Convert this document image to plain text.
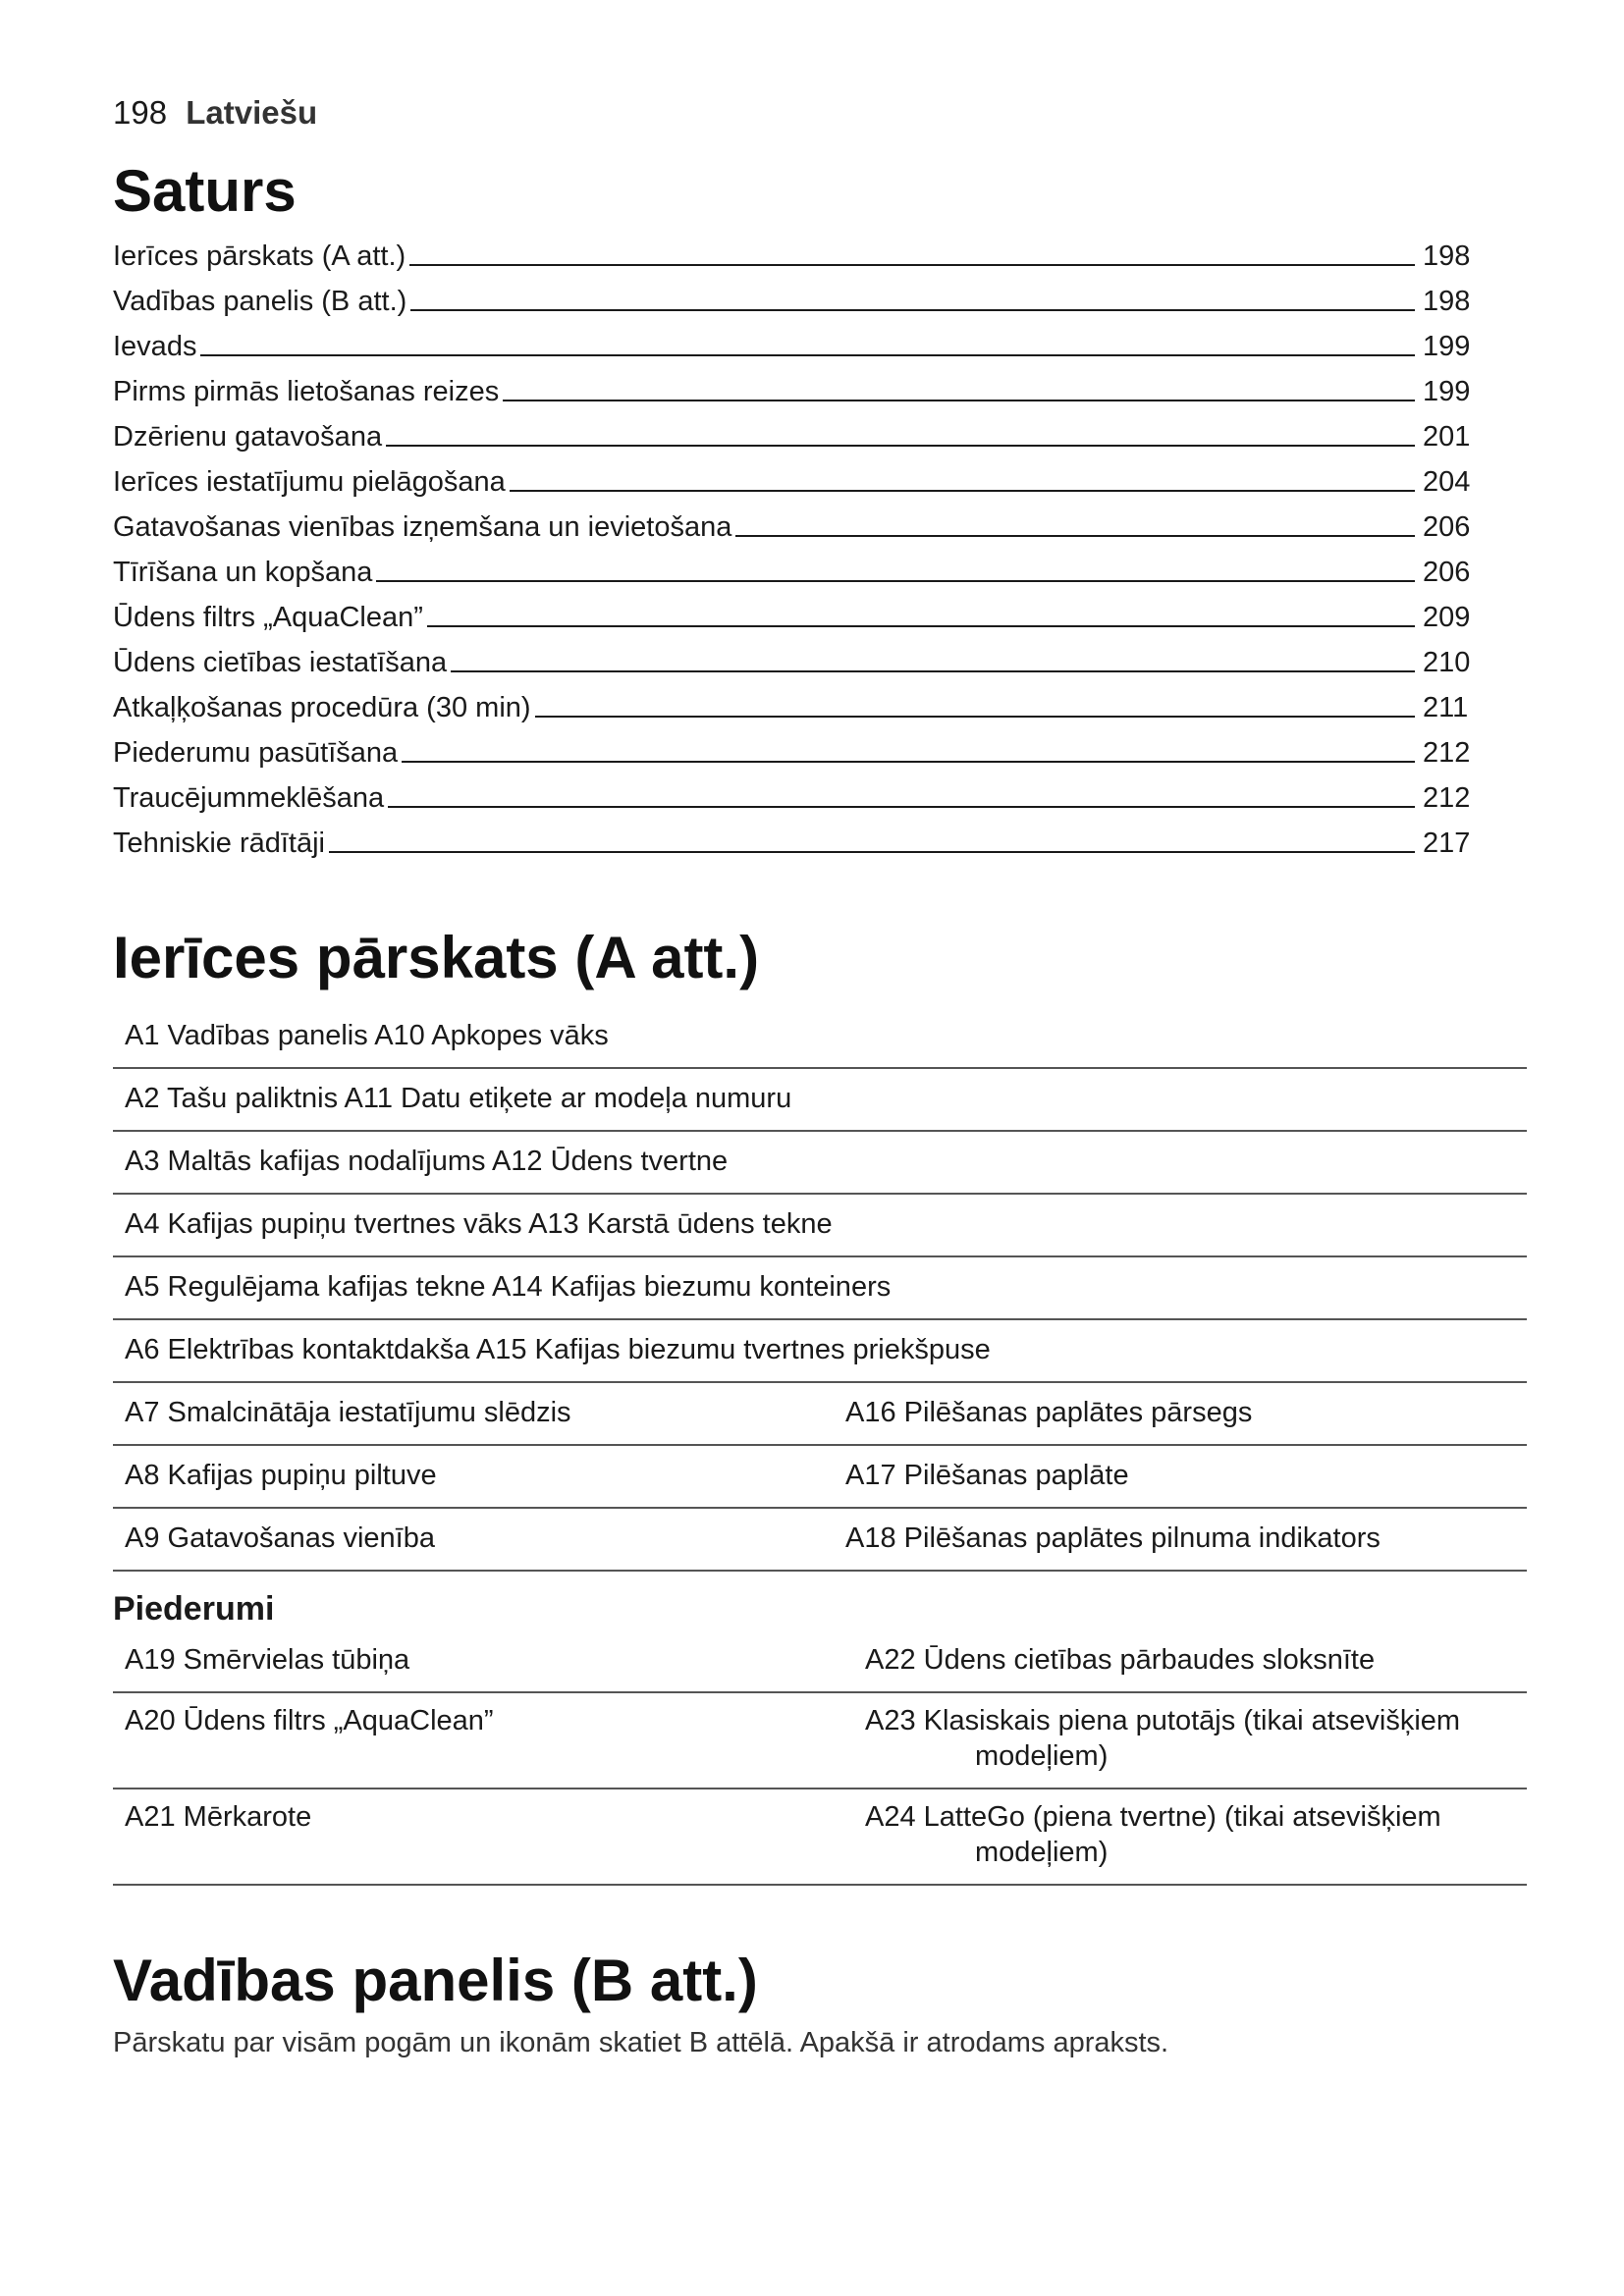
198 Latviešu
Saturs
Ierīces pārskats (A att.)	198
Vadības panelis (B att.)	198
Ievads	199
Pirms pirmās lietošanas reizes	199
Dzērienu gatavošana	201
Ierīces iestatījumu pielāgošana	204
Gatavošanas vienības izņemšana un ievietošana	206
Tīrīšana un kopšana	206
Ūdens filtrs „AquaClean”	209
Ūdens cietības iestatīšana	210
Atkaļķošanas procedūra (30 min)	211
Piederumu pasūtīšana	212
Traucējummeklēšana	212
Tehniskie rādītāji	217
Ierīces pārskats (A att.)
A1 Vadības panelis A10 Apkopes vāks	
A2 Tašu paliktnis A11 Datu etiķete ar modeļa numuru	
A3 Maltās kafijas nodalījums A12 Ūdens tvertne	
A4 Kafijas pupiņu tvertnes vāks A13 Karstā ūdens tekne	
A5 Regulējama kafijas tekne A14 Kafijas biezumu konteiners	
A6 Elektrības kontaktdakša A15 Kafijas biezumu tvertnes priekšpuse	
A7 Smalcinātāja iestatījumu slēdzis	A16 Pilēšanas paplātes pārsegs
A8 Kafijas pupiņu piltuve	A17 Pilēšanas paplāte
A9 Gatavošanas vienība	A18 Pilēšanas paplātes pilnuma indikators
Piederumi
A19 Smērvielas tūbiņa	A22 Ūdens cietības pārbaudes sloksnīte

A20 Ūdens filtrs „AquaClean”	A23 Klasiskais piena putotājs (tikai atsevišķiem modeļiem)

A21 Mērkarote	A24 LatteGo (piena tvertne) (tikai atsevišķiem modeļiem)
Vadības panelis (B att.)
Pārskatu par visām pogām un ikonām skatiet B attēlā. Apakšā ir atrodams apraksts.
